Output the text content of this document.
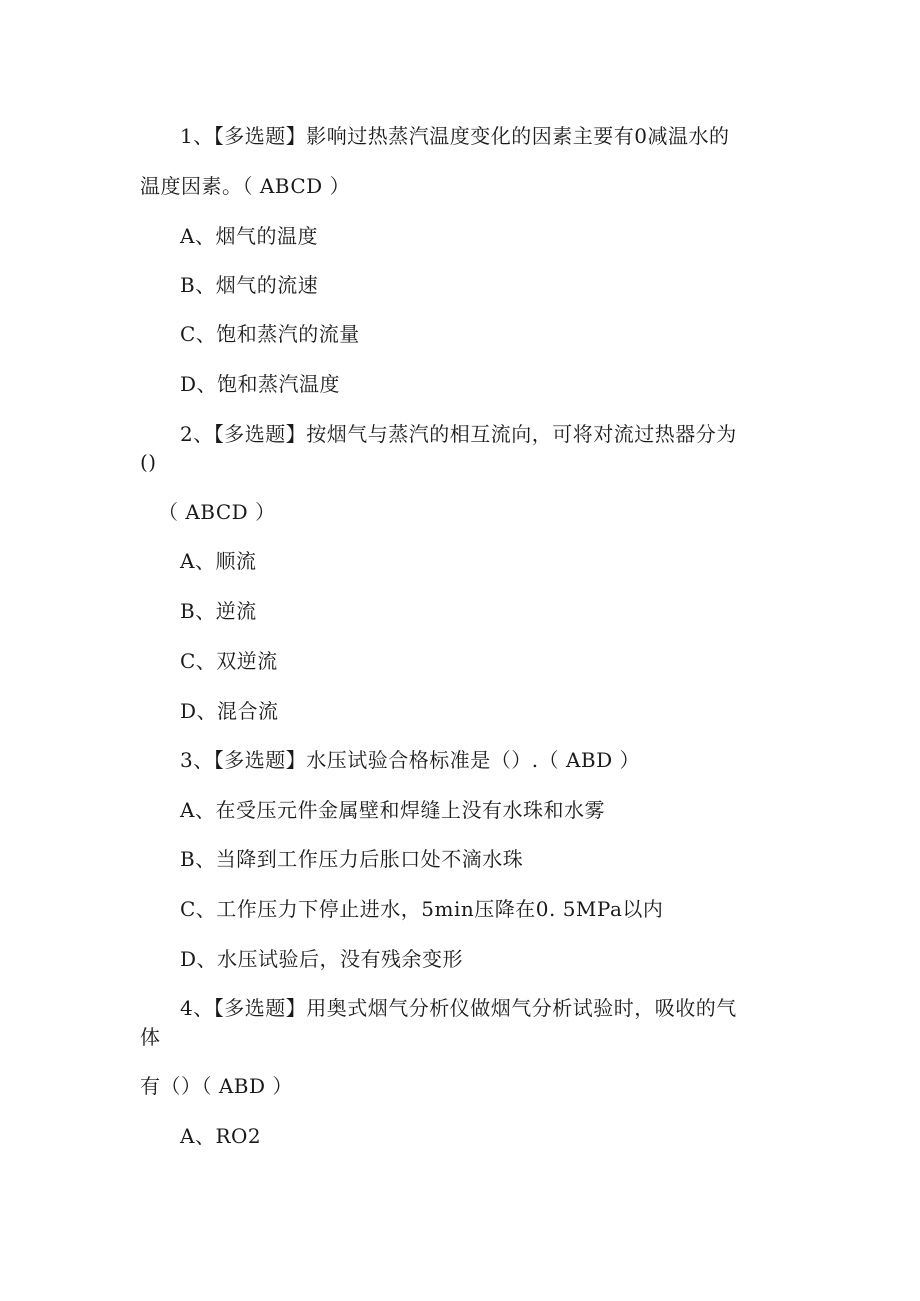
1、【多选题】影响过热蒸汽温度变化的因素主要有0减温水的
温度因素。（ ABCD ）
A、烟气的温度
B、烟气的流速
C、饱和蒸汽的流量
D、饱和蒸汽温度
2、【多选题】按烟气与蒸汽的相互流向，可将对流过热器分为
()
（ ABCD ）
A、顺流
B、逆流
C、双逆流
D、混合流
3、【多选题】水压试验合格标准是（）.（ ABD ）
A、在受压元件金属壁和焊缝上没有水珠和水雾
B、当降到工作压力后胀口处不滴水珠
C、工作压力下停止进水，5min压降在0. 5MPa以内
D、水压试验后，没有残余变形
4、【多选题】用奥式烟气分析仪做烟气分析试验时，吸收的气
体
有（）（ ABD ）
A、RO2
